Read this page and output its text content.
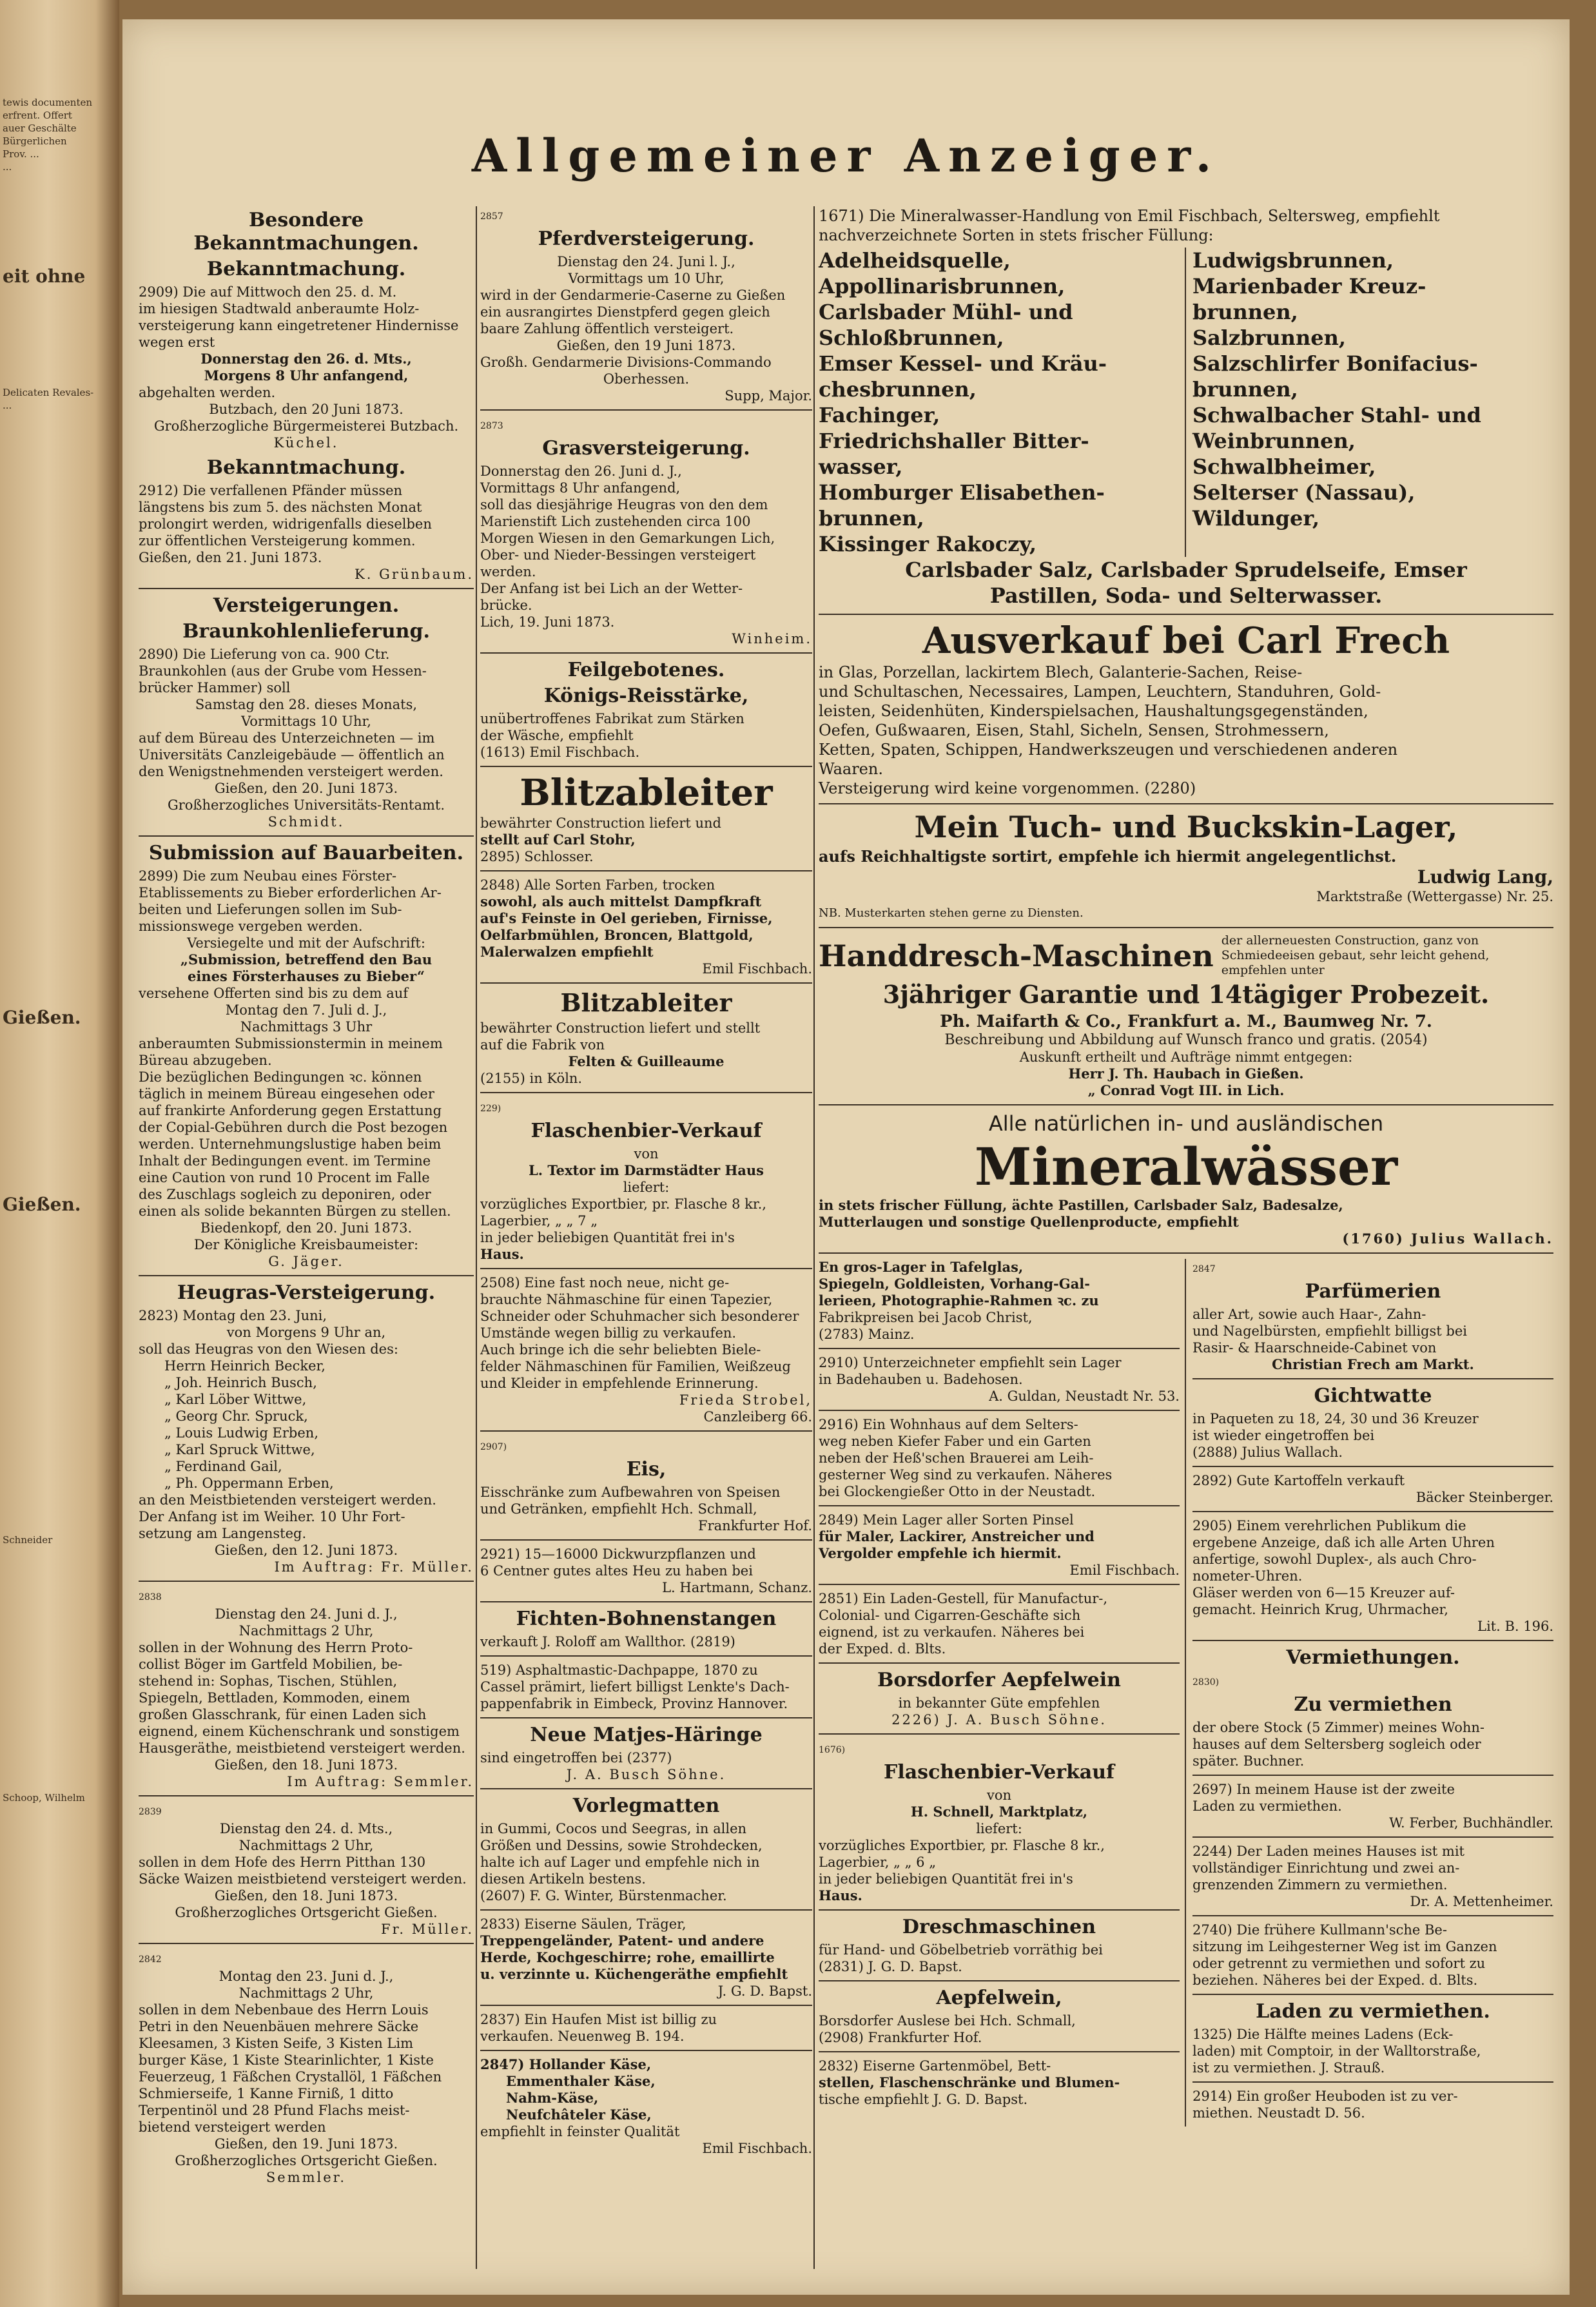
tewis documenten
erfrent. Offert
auer Geschälte
Bürgerlichen
Prov. ...
...
eit ohne
Delicaten Revales-
...
Gießen.
Gießen.
Schneider
Schoop, Wilhelm
Allgemeiner Anzeiger.
Besondere Bekanntmachungen.
Bekanntmachung.
2909) Die auf Mittwoch den 25. d. M.
im hiesigen Stadtwald anberaumte Holz-
versteigerung kann eingetretener Hindernisse
wegen erst
Donnerstag den 26. d. Mts.,
Morgens 8 Uhr anfangend,
abgehalten werden.
Butzbach, den 20 Juni 1873.
Großherzogliche Bürgermeisterei Butzbach.
Küchel.
Bekanntmachung.
2912) Die verfallenen Pfänder müssen
längstens bis zum 5. des nächsten Monat
prolongirt werden, widrigenfalls dieselben
zur öffentlichen Versteigerung kommen.
Gießen, den 21. Juni 1873.
K. Grünbaum.
Versteigerungen.
Braunkohlenlieferung.
2890) Die Lieferung von ca. 900 Ctr.
Braunkohlen (aus der Grube vom Hessen-
brücker Hammer) soll
Samstag den 28. dieses Monats,
Vormittags 10 Uhr,
auf dem Büreau des Unterzeichneten — im
Universitäts Canzleigebäude — öffentlich an
den Wenigstnehmenden versteigert werden.
Gießen, den 20. Juni 1873.
Großherzogliches Universitäts-Rentamt.
Schmidt.
Submission auf Bauarbeiten.
2899) Die zum Neubau eines Förster-
Etablissements zu Bieber erforderlichen Ar-
beiten und Lieferungen sollen im Sub-
missionswege vergeben werden.
Versiegelte und mit der Aufschrift:
„Submission, betreffend den Bau
eines Försterhauses zu Bieber“
versehene Offerten sind bis zu dem auf
Montag den 7. Juli d. J.,
Nachmittags 3 Uhr
anberaumten Submissionstermin in meinem
Büreau abzugeben.
Die bezüglichen Bedingungen ꝛc. können
täglich in meinem Büreau eingesehen oder
auf frankirte Anforderung gegen Erstattung
der Copial-Gebühren durch die Post bezogen
werden. Unternehmungslustige haben beim
Inhalt der Bedingungen event. im Termine
eine Caution von rund 10 Procent im Falle
des Zuschlags sogleich zu deponiren, oder
einen als solide bekannten Bürgen zu stellen.
Biedenkopf, den 20. Juni 1873.
Der Königliche Kreisbaumeister:
G. Jäger.
Heugras-Versteigerung.
2823) Montag den 23. Juni,
von Morgens 9 Uhr an,
soll das Heugras von den Wiesen des:
Herrn Heinrich Becker,
„ Joh. Heinrich Busch,
„ Karl Löber Wittwe,
„ Georg Chr. Spruck,
„ Louis Ludwig Erben,
„ Karl Spruck Wittwe,
„ Ferdinand Gail,
„ Ph. Oppermann Erben,
an den Meistbietenden versteigert werden.
Der Anfang ist im Weiher. 10 Uhr Fort-
setzung am Langensteg.
Gießen, den 12. Juni 1873.
Im Auftrag: Fr. Müller.
2838
Dienstag den 24. Juni d. J.,
Nachmittags 2 Uhr,
sollen in der Wohnung des Herrn Proto-
collist Böger im Gartfeld Mobilien, be-
stehend in: Sophas, Tischen, Stühlen,
Spiegeln, Bettladen, Kommoden, einem
großen Glasschrank, für einen Laden sich
eignend, einem Küchenschrank und sonstigem
Hausgeräthe, meistbietend versteigert werden.
Gießen, den 18. Juni 1873.
Im Auftrag: Semmler.
2839
Dienstag den 24. d. Mts.,
Nachmittags 2 Uhr,
sollen in dem Hofe des Herrn Pitthan 130
Säcke Waizen meistbietend versteigert werden.
Gießen, den 18. Juni 1873.
Großherzogliches Ortsgericht Gießen.
Fr. Müller.
2842
Montag den 23. Juni d. J.,
Nachmittags 2 Uhr,
sollen in dem Nebenbaue des Herrn Louis
Petri in den Neuenbäuen mehrere Säcke
Kleesamen, 3 Kisten Seife, 3 Kisten Lim
burger Käse, 1 Kiste Stearinlichter, 1 Kiste
Feuerzeug, 1 Fäßchen Crystallöl, 1 Fäßchen
Schmierseife, 1 Kanne Firniß, 1 ditto
Terpentinöl und 28 Pfund Flachs meist-
bietend versteigert werden
Gießen, den 19. Juni 1873.
Großherzogliches Ortsgericht Gießen.
Semmler.
2857
Pferdversteigerung.
Dienstag den 24. Juni l. J.,
Vormittags um 10 Uhr,
wird in der Gendarmerie-Caserne zu Gießen
ein ausrangirtes Dienstpferd gegen gleich
baare Zahlung öffentlich versteigert.
Gießen, den 19 Juni 1873.
Großh. Gendarmerie Divisions-Commando
Oberhessen.
Supp, Major.
2873
Grasversteigerung.
Donnerstag den 26. Juni d. J.,
Vormittags 8 Uhr anfangend,
soll das diesjährige Heugras von den dem
Marienstift Lich zustehenden circa 100
Morgen Wiesen in den Gemarkungen Lich,
Ober- und Nieder-Bessingen versteigert
werden.
Der Anfang ist bei Lich an der Wetter-
brücke.
Lich, 19. Juni 1873.
Winheim.
Feilgebotenes.
Königs-Reisstärke,
unübertroffenes Fabrikat zum Stärken
der Wäsche, empfiehlt
(1613) Emil Fischbach.
Blitzableiter
bewährter Construction liefert und
stellt auf Carl Stohr,
2895) Schlosser.
2848) Alle Sorten Farben, trocken
sowohl, als auch mittelst Dampfkraft
auf's Feinste in Oel gerieben, Firnisse,
Oelfarbmühlen, Broncen, Blattgold,
Malerwalzen empfiehlt
Emil Fischbach.
Blitzableiter
bewährter Construction liefert und stellt
auf die Fabrik von
Felten & Guilleaume
(2155) in Köln.
229)
Flaschenbier-Verkauf
von
L. Textor im Darmstädter Haus
liefert:
vorzügliches Exportbier, pr. Flasche 8 kr.,
Lagerbier, „ „ 7 „
in jeder beliebigen Quantität frei in's
Haus.
2508) Eine fast noch neue, nicht ge-
brauchte Nähmaschine für einen Tapezier,
Schneider oder Schuhmacher sich besonderer
Umstände wegen billig zu verkaufen.
Auch bringe ich die sehr beliebten Biele-
felder Nähmaschinen für Familien, Weißzeug
und Kleider in empfehlende Erinnerung.
Frieda Strobel,
Canzleiberg 66.
2907)
Eis,
Eisschränke zum Aufbewahren von Speisen
und Getränken, empfiehlt Hch. Schmall,
Frankfurter Hof.
2921) 15—16000 Dickwurzpflanzen und
6 Centner gutes altes Heu zu haben bei
L. Hartmann, Schanz.
Fichten-Bohnenstangen
verkauft J. Roloff am Wallthor. (2819)
519) Asphaltmastic-Dachpappe, 1870 zu
Cassel prämirt, liefert billigst Lenkte's Dach-
pappenfabrik in Eimbeck, Provinz Hannover.
Neue Matjes-Häringe
sind eingetroffen bei (2377)
J. A. Busch Söhne.
Vorlegmatten
in Gummi, Cocos und Seegras, in allen
Größen und Dessins, sowie Strohdecken,
halte ich auf Lager und empfehle nich in
diesen Artikeln bestens.
(2607) F. G. Winter, Bürstenmacher.
2833) Eiserne Säulen, Träger,
Treppengeländer, Patent- und andere
Herde, Kochgeschirre; rohe, emaillirte
u. verzinnte u. Küchengeräthe empfiehlt
J. G. D. Bapst.
2837) Ein Haufen Mist ist billig zu
verkaufen. Neuenweg B. 194.
2847) Hollander Käse,
Emmenthaler Käse,
Nahm-Käse,
Neufchâteler Käse,
empfiehlt in feinster Qualität
Emil Fischbach.
1671) Die Mineralwasser-Handlung von Emil Fischbach, Seltersweg, empfiehlt nachverzeichnete Sorten in stets frischer Füllung:
Adelheidsquelle,
Appollinarisbrunnen,
Carlsbader Mühl- und
Schloßbrunnen,
Emser Kessel- und Kräu-
chesbrunnen,
Fachinger,
Friedrichshaller Bitter-
wasser,
Homburger Elisabethen-
brunnen,
Kissinger Rakoczy,
Ludwigsbrunnen,
Marienbader Kreuz-
brunnen,
Salzbrunnen,
Salzschlirfer Bonifacius-
brunnen,
Schwalbacher Stahl- und
Weinbrunnen,
Schwalbheimer,
Selterser (Nassau),
Wildunger,
Carlsbader Salz, Carlsbader Sprudelseife, Emser
Pastillen, Soda- und Selterwasser.
Ausverkauf bei Carl Frech
in Glas, Porzellan, lackirtem Blech, Galanterie-Sachen, Reise-
und Schultaschen, Necessaires, Lampen, Leuchtern, Standuhren, Gold-
leisten, Seidenhüten, Kinderspielsachen, Haushaltungsgegenständen,
Oefen, Gußwaaren, Eisen, Stahl, Sicheln, Sensen, Strohmessern,
Ketten, Spaten, Schippen, Handwerkszeugen und verschiedenen anderen
Waaren.
Versteigerung wird keine vorgenommen. (2280)
Mein Tuch- und Buckskin-Lager,
aufs Reichhaltigste sortirt, empfehle ich hiermit angelegentlichst.
Ludwig Lang,
Marktstraße (Wettergasse) Nr. 25.
NB. Musterkarten stehen gerne zu Diensten.
Handdresch-Maschinen der allerneuesten Construction, ganz von Schmiedeeisen gebaut, sehr leicht gehend, empfehlen unter
3jähriger Garantie und 14tägiger Probezeit.
Ph. Maifarth & Co., Frankfurt a. M., Baumweg Nr. 7.
Beschreibung und Abbildung auf Wunsch franco und gratis. (2054)
Auskunft ertheilt und Aufträge nimmt entgegen:
Herr J. Th. Haubach in Gießen.
„ Conrad Vogt III. in Lich.
Alle natürlichen in- und ausländischen
Mineralwässer
in stets frischer Füllung, ächte Pastillen, Carlsbader Salz, Badesalze,
Mutterlaugen und sonstige Quellenproducte, empfiehlt
(1760) Julius Wallach.
En gros-Lager in Tafelglas,
Spiegeln, Goldleisten, Vorhang-Gal-
lerieen, Photographie-Rahmen ꝛc. zu
Fabrikpreisen bei Jacob Christ,
(2783) Mainz.
2910) Unterzeichneter empfiehlt sein Lager
in Badehauben u. Badehosen.
A. Guldan, Neustadt Nr. 53.
2916) Ein Wohnhaus auf dem Selters-
weg neben Kiefer Faber und ein Garten
neben der Heß'schen Brauerei am Leih-
gesterner Weg sind zu verkaufen. Näheres
bei Glockengießer Otto in der Neustadt.
2849) Mein Lager aller Sorten Pinsel
für Maler, Lackirer, Anstreicher und
Vergolder empfehle ich hiermit.
Emil Fischbach.
2851) Ein Laden-Gestell, für Manufactur-,
Colonial- und Cigarren-Geschäfte sich
eignend, ist zu verkaufen. Näheres bei
der Exped. d. Blts.
Borsdorfer Aepfelwein
in bekannter Güte empfehlen
2226) J. A. Busch Söhne.
1676)
Flaschenbier-Verkauf
von
H. Schnell, Marktplatz,
liefert:
vorzügliches Exportbier, pr. Flasche 8 kr.,
Lagerbier, „ „ 6 „
in jeder beliebigen Quantität frei in's
Haus.
Dreschmaschinen
für Hand- und Göbelbetrieb vorräthig bei
(2831) J. G. D. Bapst.
Aepfelwein,
Borsdorfer Auslese bei Hch. Schmall,
(2908) Frankfurter Hof.
2832) Eiserne Gartenmöbel, Bett-
stellen, Flaschenschränke und Blumen-
tische empfiehlt J. G. D. Bapst.
2847
Parfümerien
aller Art, sowie auch Haar-, Zahn-
und Nagelbürsten, empfiehlt billigst bei
Rasir- & Haarschneide-Cabinet von
Christian Frech am Markt.
Gichtwatte
in Paqueten zu 18, 24, 30 und 36 Kreuzer
ist wieder eingetroffen bei
(2888) Julius Wallach.
2892) Gute Kartoffeln verkauft
Bäcker Steinberger.
2905) Einem verehrlichen Publikum die
ergebene Anzeige, daß ich alle Arten Uhren
anfertige, sowohl Duplex-, als auch Chro-
nometer-Uhren.
Gläser werden von 6—15 Kreuzer auf-
gemacht. Heinrich Krug, Uhrmacher,
Lit. B. 196.
Vermiethungen.
2830)
Zu vermiethen
der obere Stock (5 Zimmer) meines Wohn-
hauses auf dem Seltersberg sogleich oder
später. Buchner.
2697) In meinem Hause ist der zweite
Laden zu vermiethen.
W. Ferber, Buchhändler.
2244) Der Laden meines Hauses ist mit
vollständiger Einrichtung und zwei an-
grenzenden Zimmern zu vermiethen.
Dr. A. Mettenheimer.
2740) Die frühere Kullmann'sche Be-
sitzung im Leihgesterner Weg ist im Ganzen
oder getrennt zu vermiethen und sofort zu
beziehen. Näheres bei der Exped. d. Blts.
Laden zu vermiethen.
1325) Die Hälfte meines Ladens (Eck-
laden) mit Comptoir, in der Walltorstraße,
ist zu vermiethen. J. Strauß.
2914) Ein großer Heuboden ist zu ver-
miethen. Neustadt D. 56.
